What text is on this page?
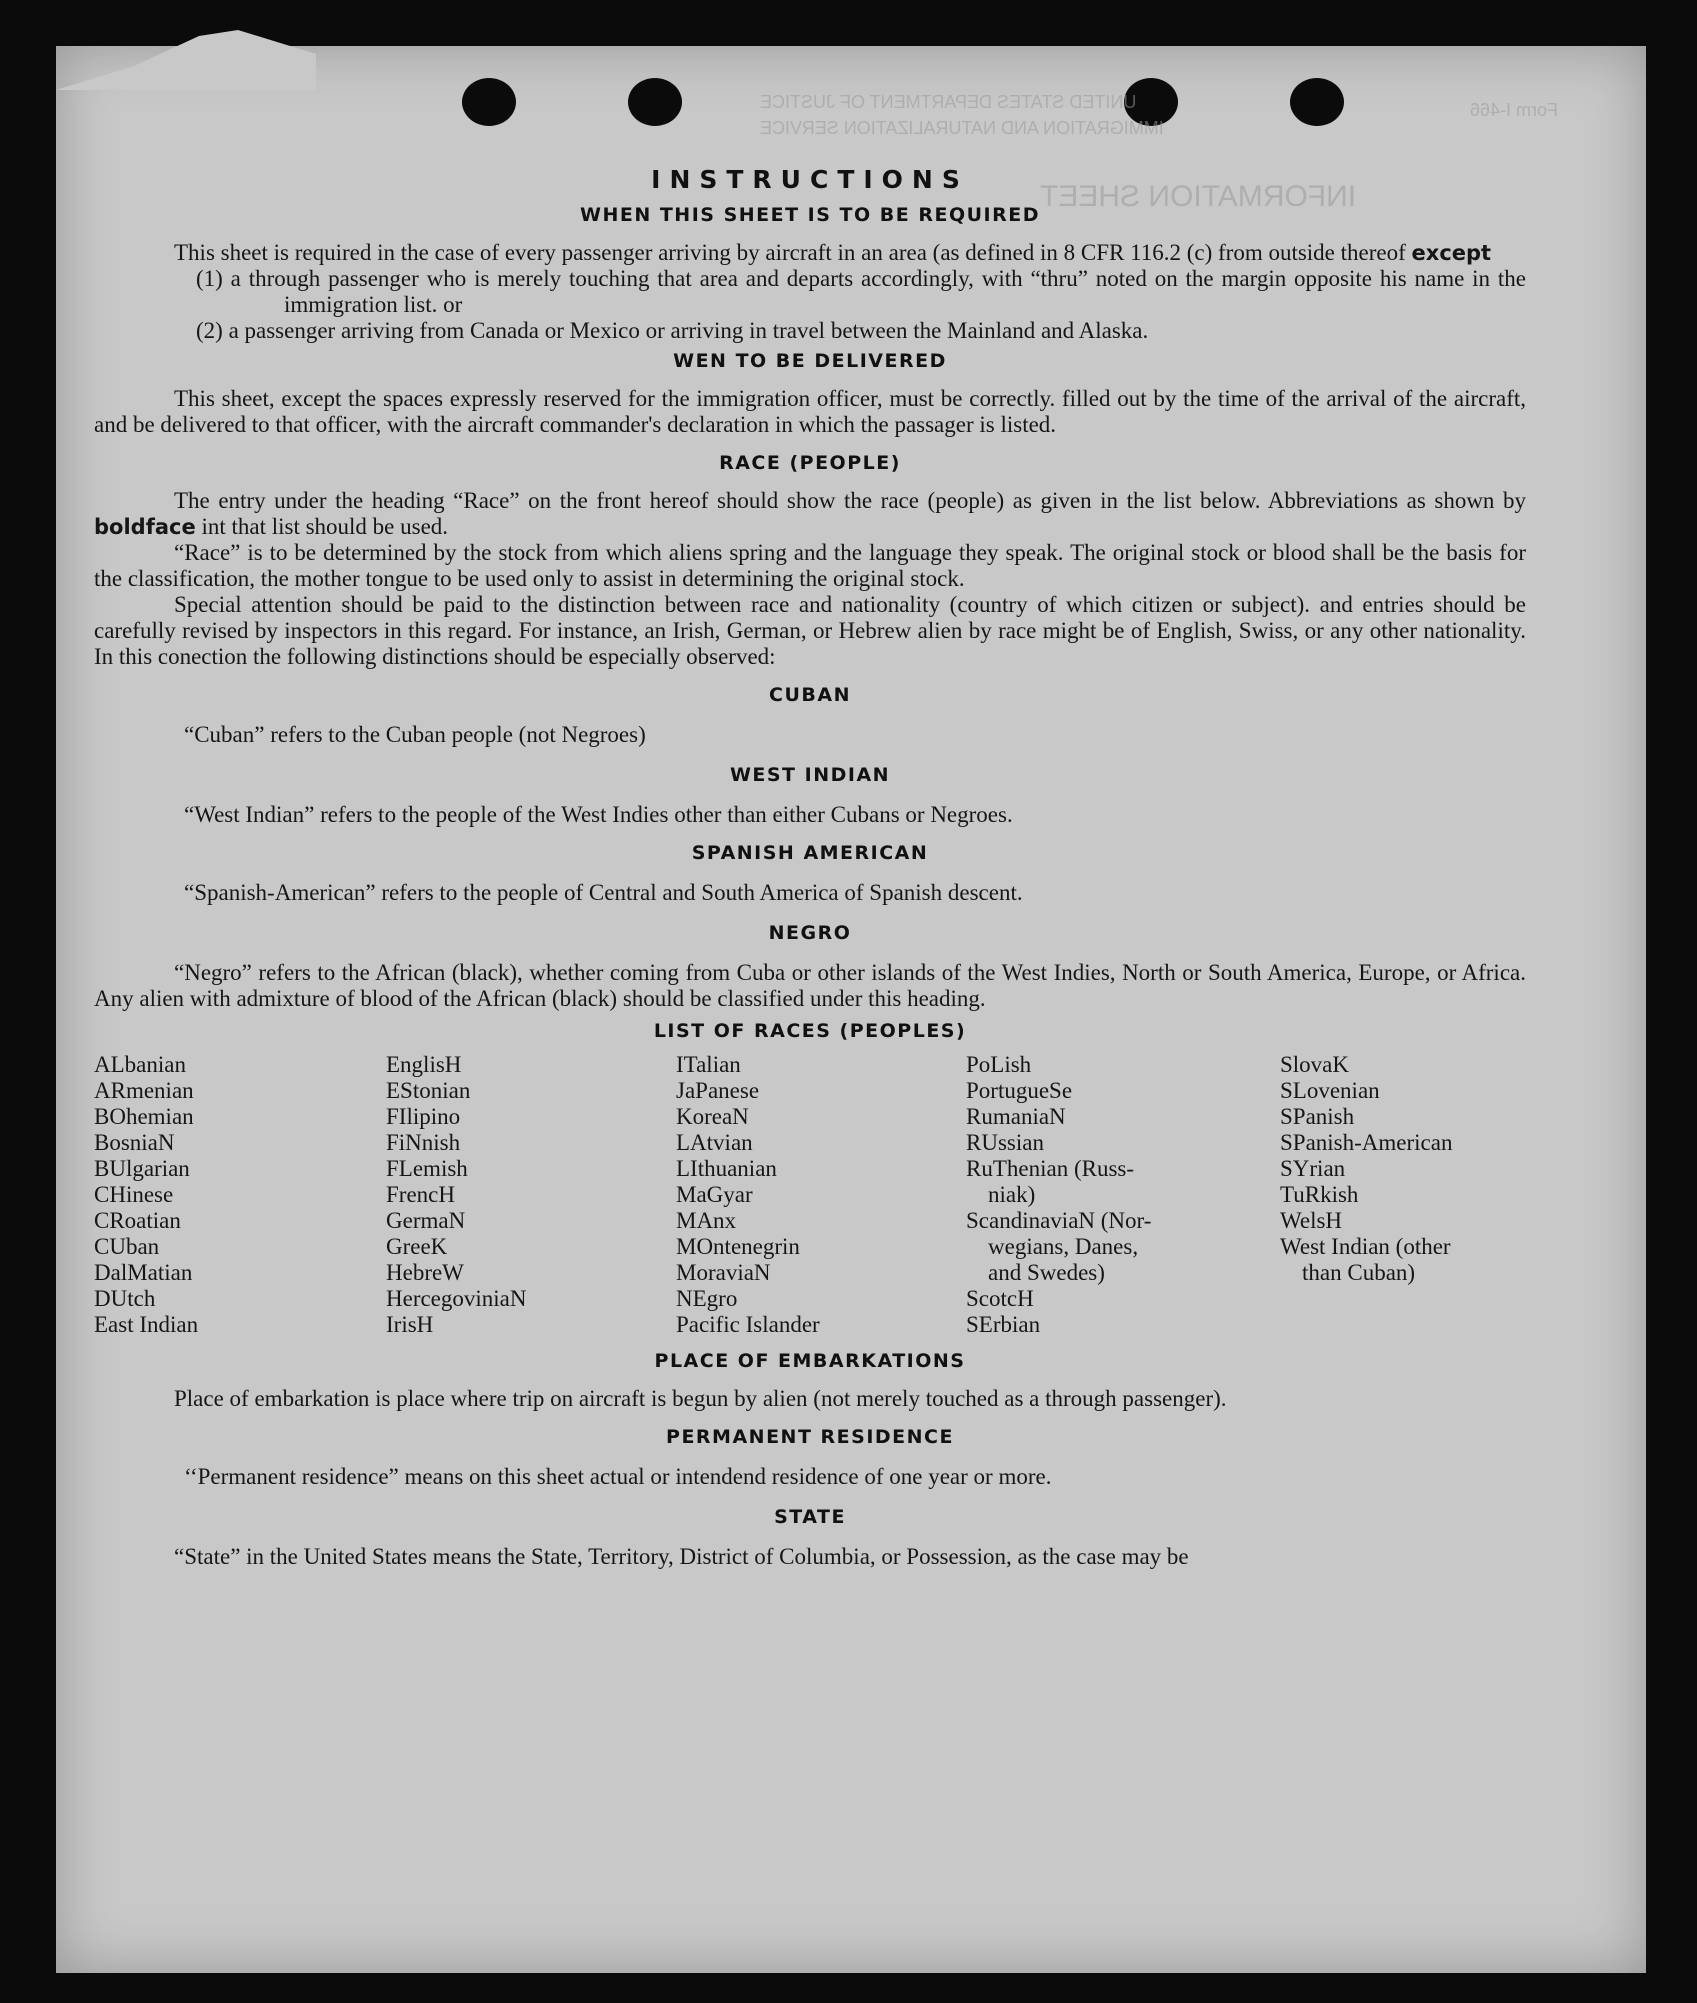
UNITED STATES DEPARTMENT OF JUSTICE
IMMIGRATION AND NATURALIZATION SERVICE
INFORMATION SHEET
Form I-466
INSTRUCTIONS
WHEN THIS SHEET IS TO BE REQUIRED

This sheet is required in the case of every passenger arriving by aircraft in an area (as defined in 8 CFR 116.2 (c) from outside thereof except

(1) a through passenger who is merely touching that area and departs accordingly, with “thru” noted on the margin opposite his name in the immigration list. or

(2) a passenger arriving from Canada or Mexico or arriving in travel between the Mainland and Alaska.

WEN TO BE DELIVERED

This sheet, except the spaces expressly reserved for the immigration officer, must be correctly. filled out by the time of the arrival of the aircraft, and be delivered to that officer, with the aircraft commander's declaration in which the passager is listed.

RACE (PEOPLE)

The entry under the heading “Race” on the front hereof should show the race (people) as given in the list below. Abbreviations as shown by boldface int that list should be used.

“Race” is to be determined by the stock from which aliens spring and the language they speak. The original stock or blood shall be the basis for the classification, the mother tongue to be used only to assist in determining the original stock.

Special attention should be paid to the distinction between race and nationality (country of which citizen or subject). and entries should be carefully revised by inspectors in this regard. For instance, an Irish, German, or Hebrew alien by race might be of English, Swiss, or any other nationality. In this conection the following distinctions should be especially observed:

CUBAN

“Cuban” refers to the Cuban people (not Negroes)

WEST INDIAN

“West Indian” refers to the people of the West Indies other than either Cubans or Negroes.

SPANISH AMERICAN

“Spanish-American” refers to the people of Central and South America of Spanish descent.

NEGRO

“Negro” refers to the African (black), whether coming from Cuba or other islands of the West Indies, North or South America, Europe, or Africa. Any alien with admixture of blood of the African (black) should be classified under this heading.

LIST OF RACES (PEOPLES)
ALbanian
ARmenian
BOhemian
BosniaN
BUlgarian
CHinese
CRoatian
CUban
DalMatian
DUtch
East Indian
EnglisH
EStonian
FIlipino
FiNnish
FLemish
FrencH
GermaN
GreeK
HebreW
HercegoviniaN
IrisH
ITalian
JaPanese
KoreaN
LAtvian
LIthuanian
MaGyar
MAnx
MOntenegrin
MoraviaN
NEgro
Pacific Islander
PoLish
PortugueSe
RumaniaN
RUssian
RuThenian (Russ-
niak)
ScandinaviaN (Nor-
wegians, Danes,
and Swedes)
ScotcH
SErbian
SlovaK
SLovenian
SPanish
SPanish-American
SYrian
TuRkish
WelsH
West Indian (other
than Cuban)
PLACE OF EMBARKATIONS

Place of embarkation is place where trip on aircraft is begun by alien (not merely touched as a through passenger).

PERMANENT RESIDENCE

‘‘Permanent residence” means on this sheet actual or intendend residence of one year or more.

STATE

“State” in the United States means the State, Territory, District of Columbia, or Possession, as the case may be
